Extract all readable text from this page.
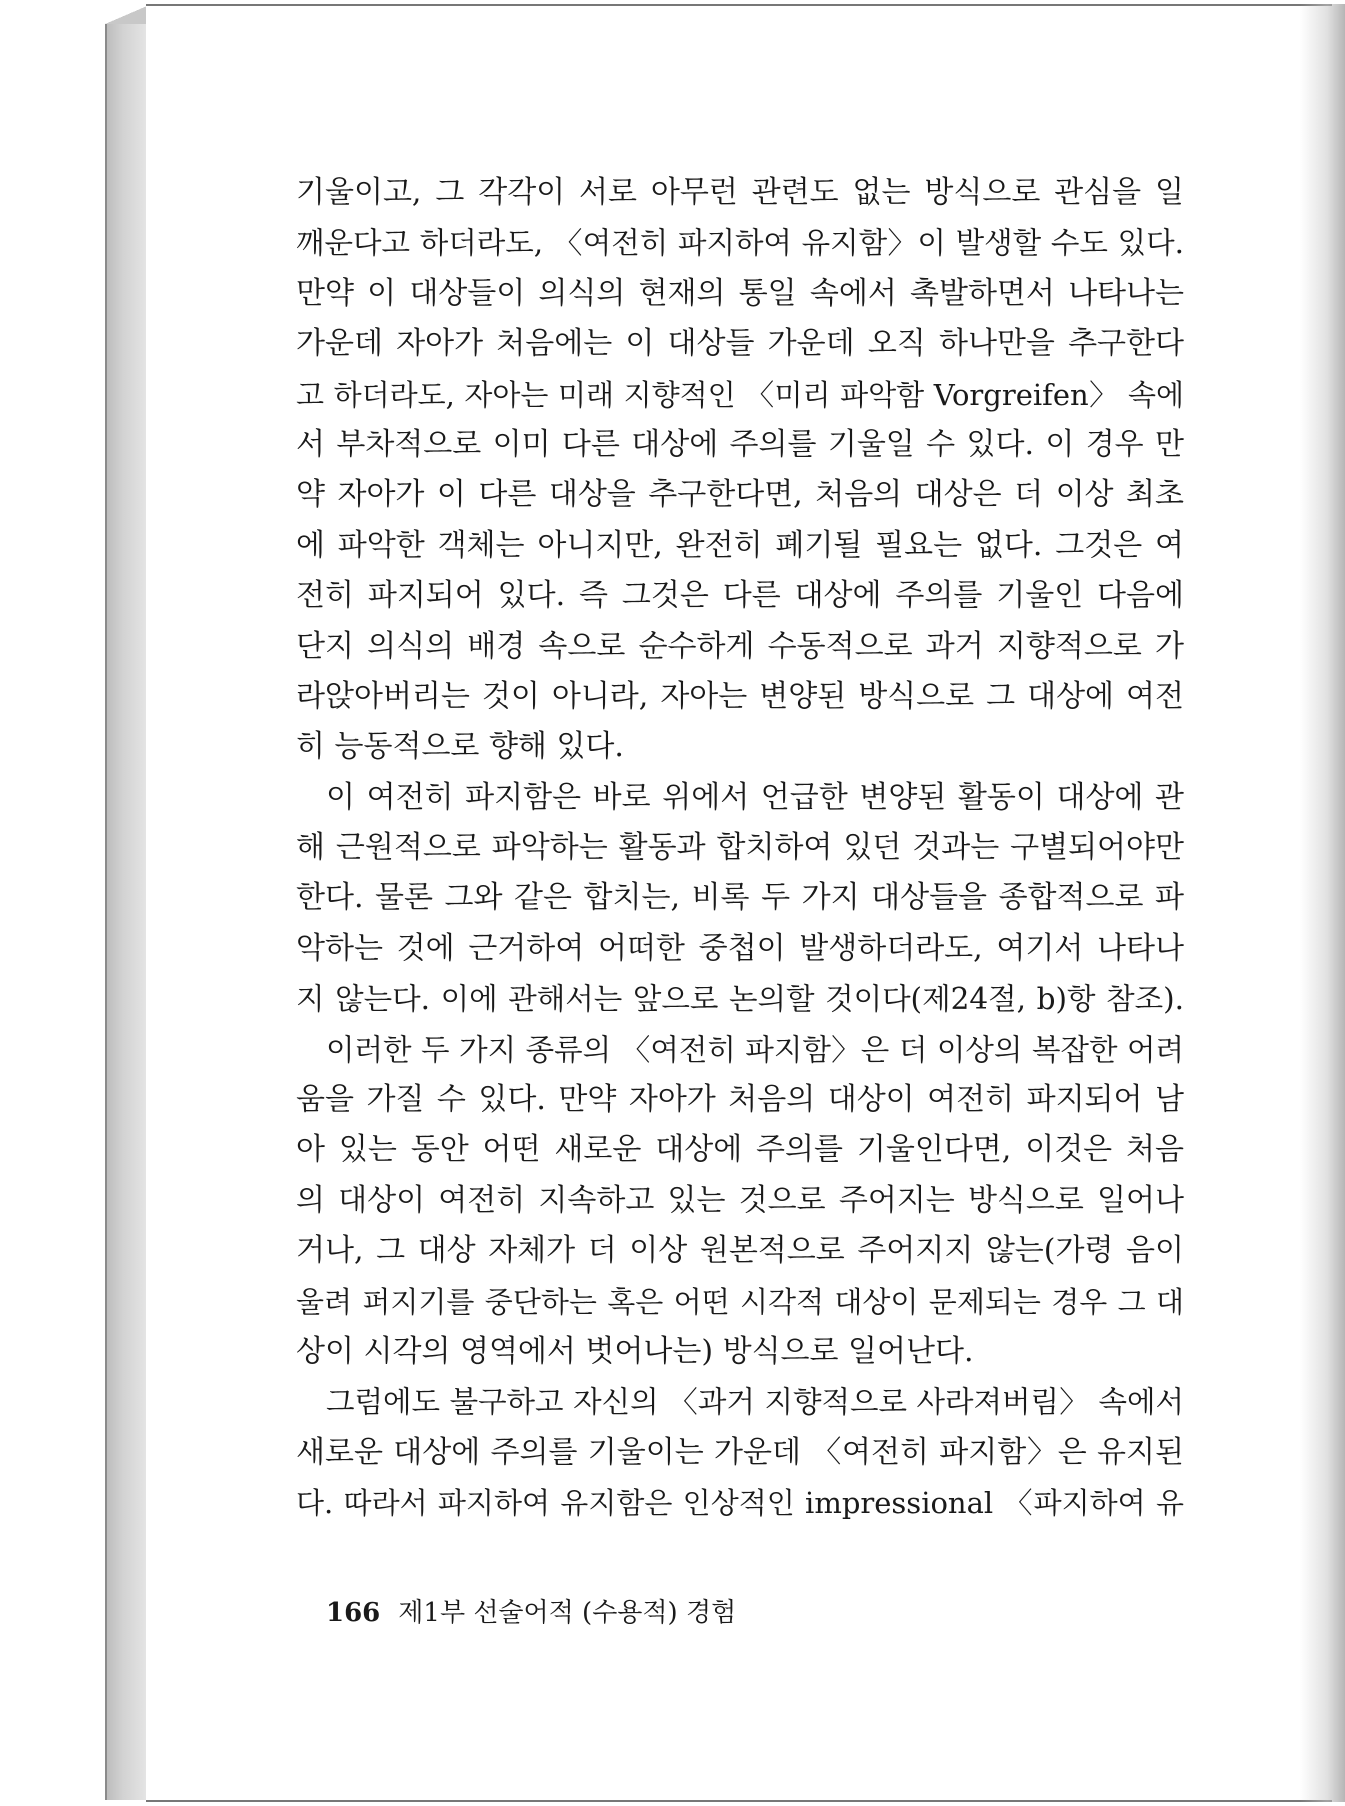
기울이고, 그 각각이 서로 아무런 관련도 없는 방식으로 관심을 일
깨운다고 하더라도, 〈여전히 파지하여 유지함〉이 발생할 수도 있다.
만약 이 대상들이 의식의 현재의 통일 속에서 촉발하면서 나타나는
가운데 자아가 처음에는 이 대상들 가운데 오직 하나만을 추구한다
고 하더라도, 자아는 미래 지향적인 〈미리 파악함 Vorgreifen〉 속에
서 부차적으로 이미 다른 대상에 주의를 기울일 수 있다. 이 경우 만
약 자아가 이 다른 대상을 추구한다면, 처음의 대상은 더 이상 최초
에 파악한 객체는 아니지만, 완전히 폐기될 필요는 없다. 그것은 여
전히 파지되어 있다. 즉 그것은 다른 대상에 주의를 기울인 다음에
단지 의식의 배경 속으로 순수하게 수동적으로 과거 지향적으로 가
라앉아버리는 것이 아니라, 자아는 변양된 방식으로 그 대상에 여전
히 능동적으로 향해 있다.
이 여전히 파지함은 바로 위에서 언급한 변양된 활동이 대상에 관
해 근원적으로 파악하는 활동과 합치하여 있던 것과는 구별되어야만
한다. 물론 그와 같은 합치는, 비록 두 가지 대상들을 종합적으로 파
악하는 것에 근거하여 어떠한 중첩이 발생하더라도, 여기서 나타나
지 않는다. 이에 관해서는 앞으로 논의할 것이다(제24절, b)항 참조).
이러한 두 가지 종류의 〈여전히 파지함〉은 더 이상의 복잡한 어려
움을 가질 수 있다. 만약 자아가 처음의 대상이 여전히 파지되어 남
아 있는 동안 어떤 새로운 대상에 주의를 기울인다면, 이것은 처음
의 대상이 여전히 지속하고 있는 것으로 주어지는 방식으로 일어나
거나, 그 대상 자체가 더 이상 원본적으로 주어지지 않는(가령 음이
울려 퍼지기를 중단하는 혹은 어떤 시각적 대상이 문제되는 경우 그 대
상이 시각의 영역에서 벗어나는) 방식으로 일어난다.
그럼에도 불구하고 자신의 〈과거 지향적으로 사라져버림〉 속에서
새로운 대상에 주의를 기울이는 가운데 〈여전히 파지함〉은 유지된
다. 따라서 파지하여 유지함은 인상적인 impressional 〈파지하여 유
166 제1부 선술어적 (수용적) 경험
